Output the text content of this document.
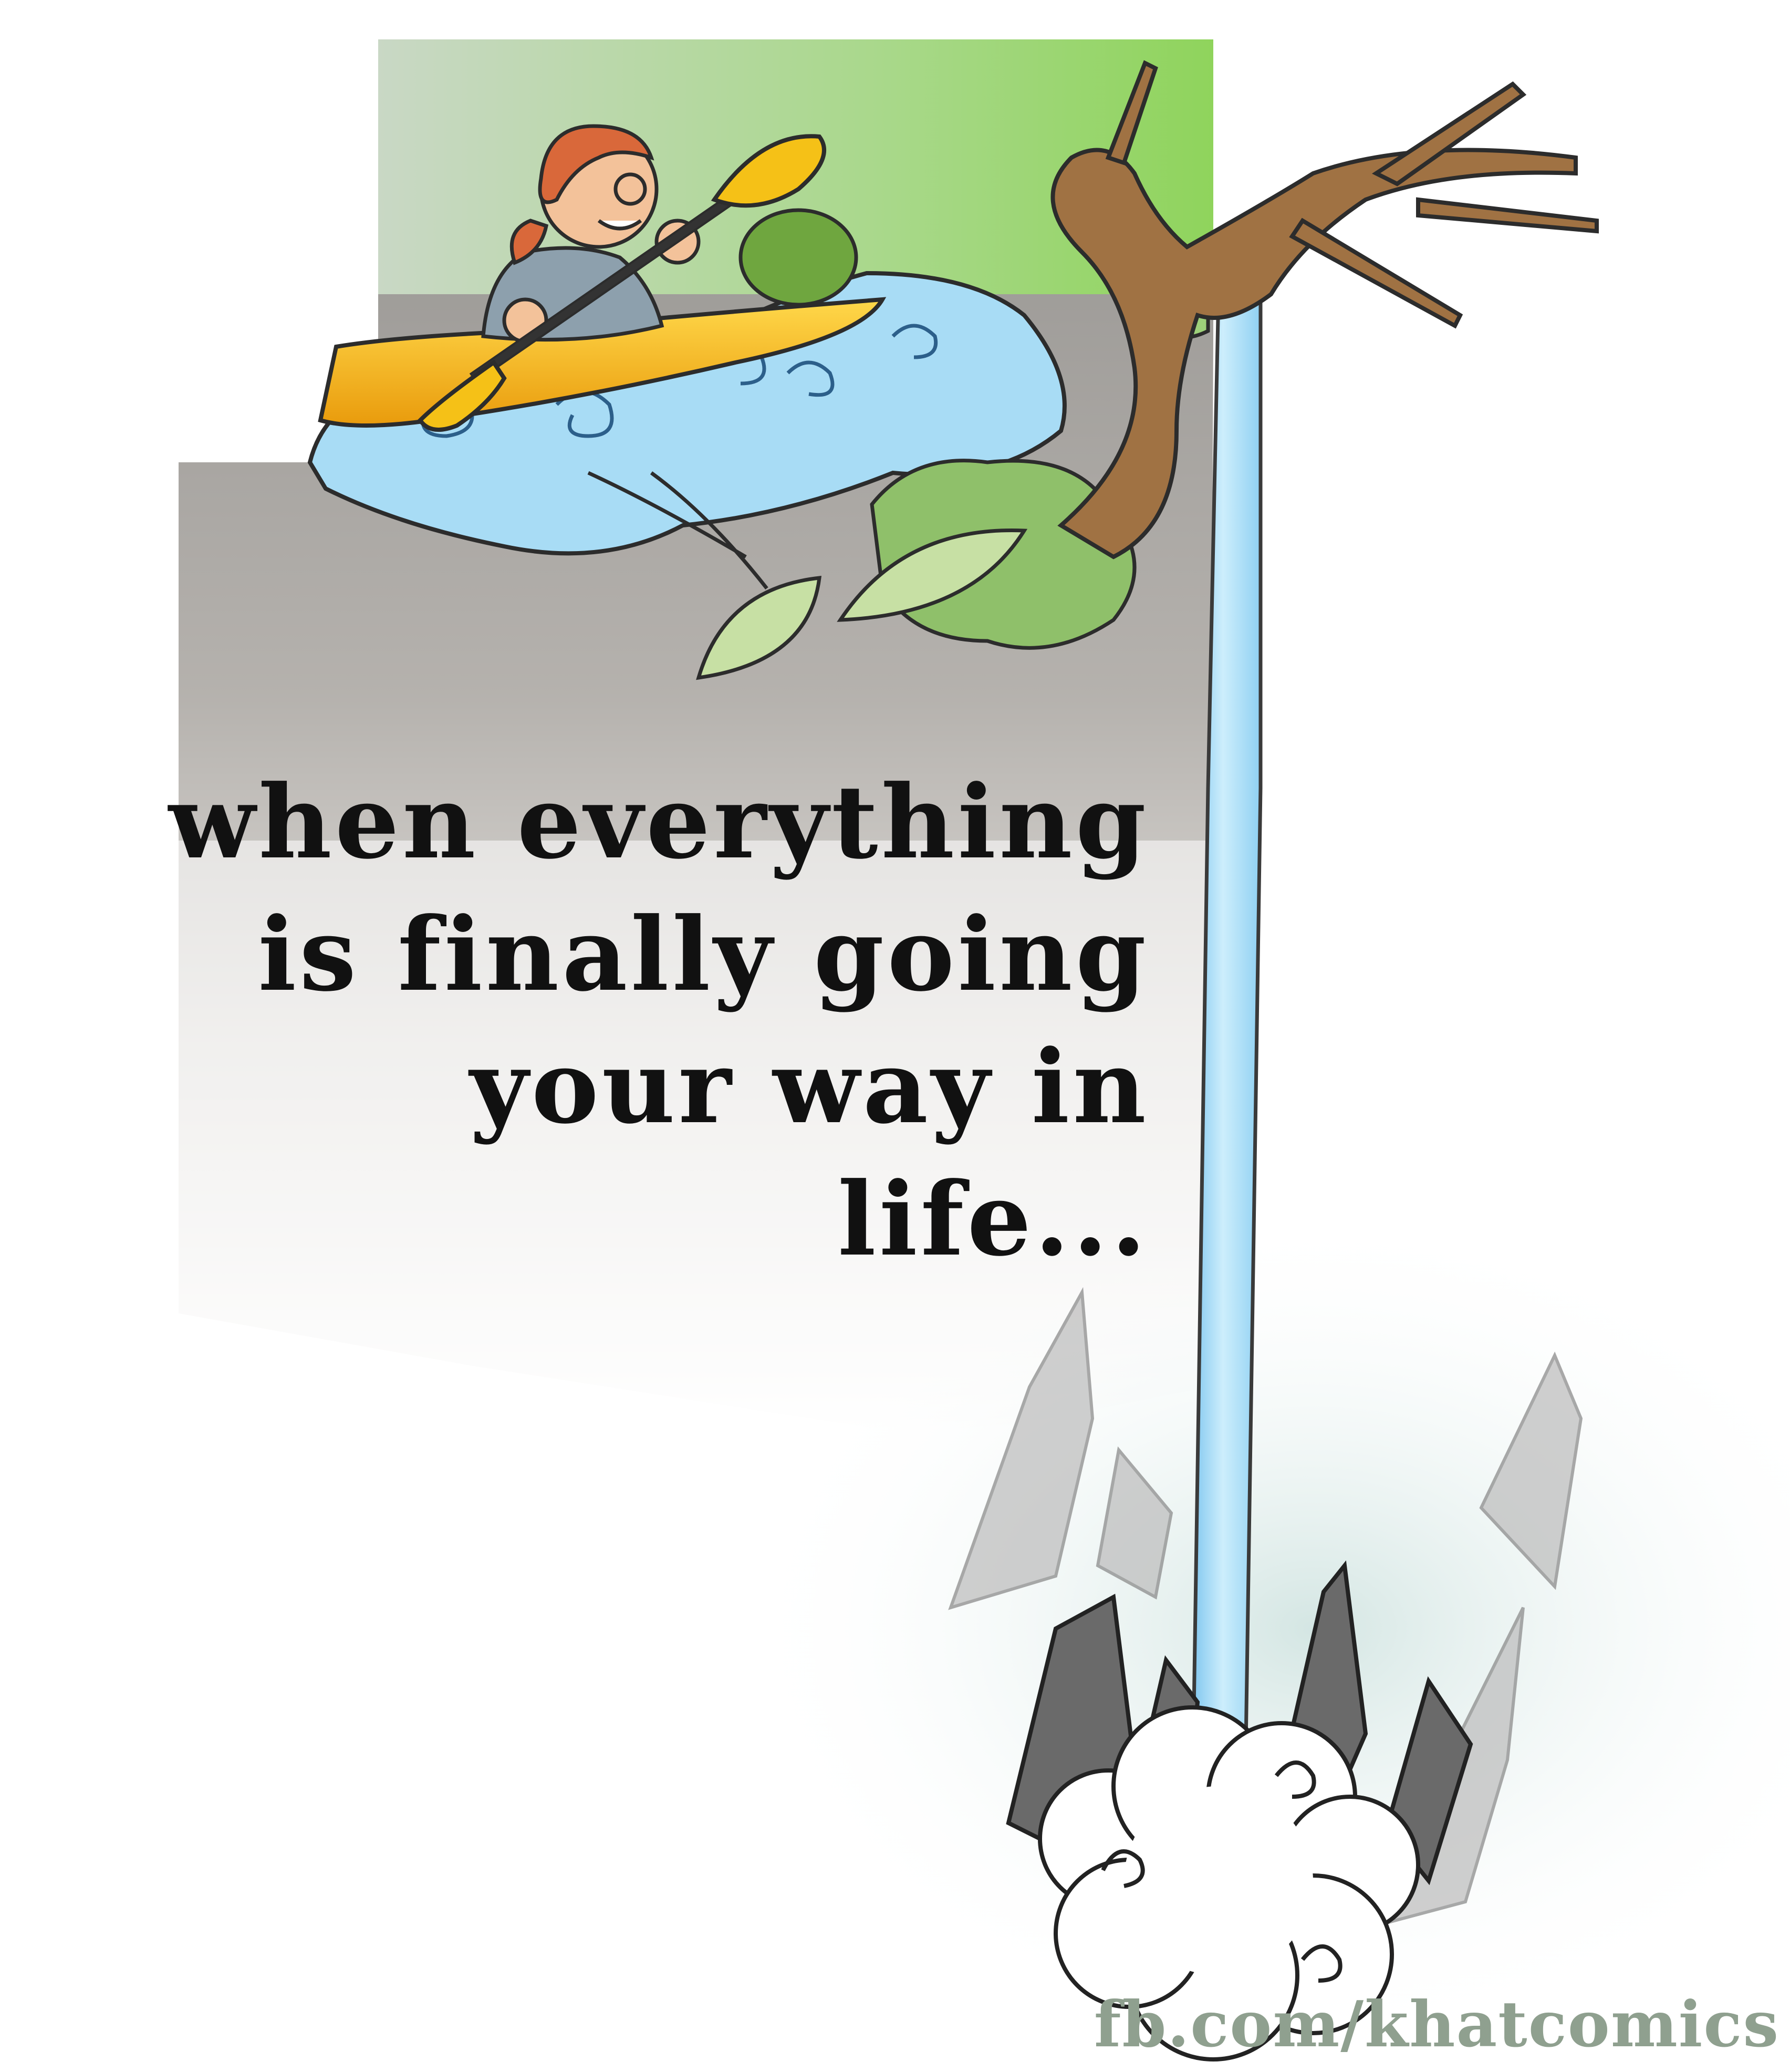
when everything
is finally going
your way in
life...
fb.com/khatcomics
